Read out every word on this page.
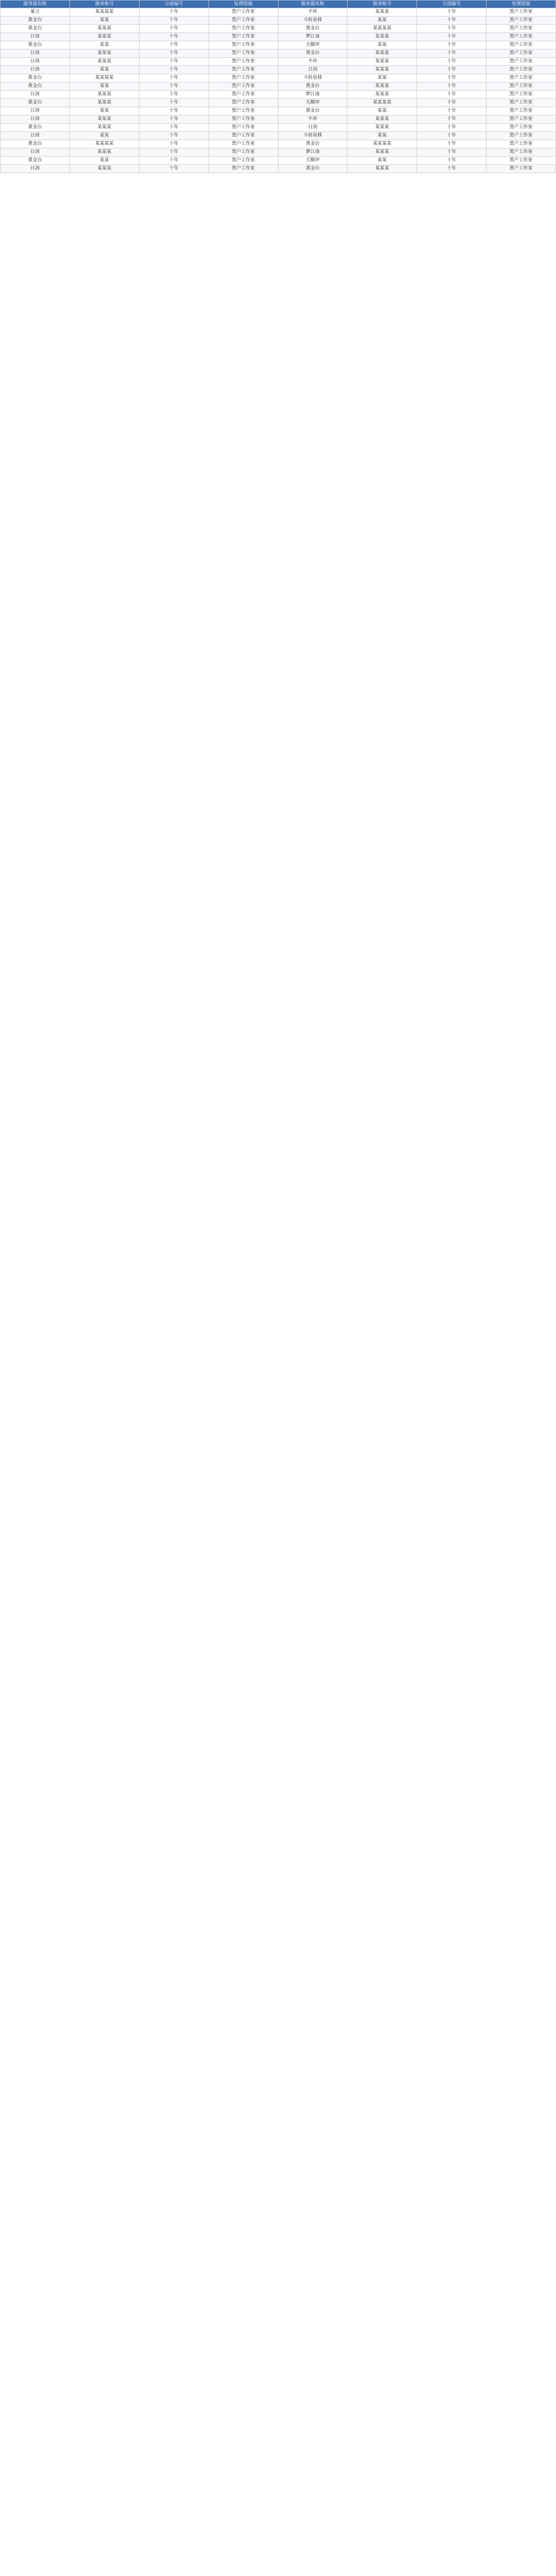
服务器名称	服务账号	分部编号	处理措施	服务器名称	服务账号	分部编号	处理措施
暴卫	某某某某	十年	黑户工作室	不坏	某某某	十年	黑户工作室
黄金台	某某	十年	黑户工作室	斗转星移	某某	十年	黑户工作室
黄金台	某某某	十年	黑户工作室	黄金台	某某某某	十年	黑户工作室
日剑	某某某	十年	黑户工作室	梦江南	某某某	十年	黑户工作室
黄金台	某某	十年	黑户工作室	天鹅坪	某某	十年	黑户工作室
日剑	某某某	十年	黑户工作室	黄金台	某某某	十年	黑户工作室
日剑	某某某	十年	黑户工作室	不坏	某某某	十年	黑户工作室
日剑	某某	十年	黑户工作室	日剑	某某某	十年	黑户工作室
黄金台	某某某某	十年	黑户工作室	斗转星移	某某	十年	黑户工作室
黄金台	某某	十年	黑户工作室	黄金台	某某某	十年	黑户工作室
日剑	某某某	十年	黑户工作室	梦江南	某某某	十年	黑户工作室
黄金台	某某某	十年	黑户工作室	天鹅坪	某某某某	十年	黑户工作室
日剑	某某	十年	黑户工作室	黄金台	某某	十年	黑户工作室
日剑	某某某	十年	黑户工作室	不坏	某某某	十年	黑户工作室
黄金台	某某某	十年	黑户工作室	日剑	某某某	十年	黑户工作室
日剑	某某	十年	黑户工作室	斗转星移	某某	十年	黑户工作室
黄金台	某某某某	十年	黑户工作室	黄金台	某某某某	十年	黑户工作室
日剑	某某某	十年	黑户工作室	梦江南	某某某	十年	黑户工作室
黄金台	某某	十年	黑户工作室	天鹅坪	某某	十年	黑户工作室
日剑	某某某	十年	黑户工作室	黄金台	某某某	十年	黑户工作室
